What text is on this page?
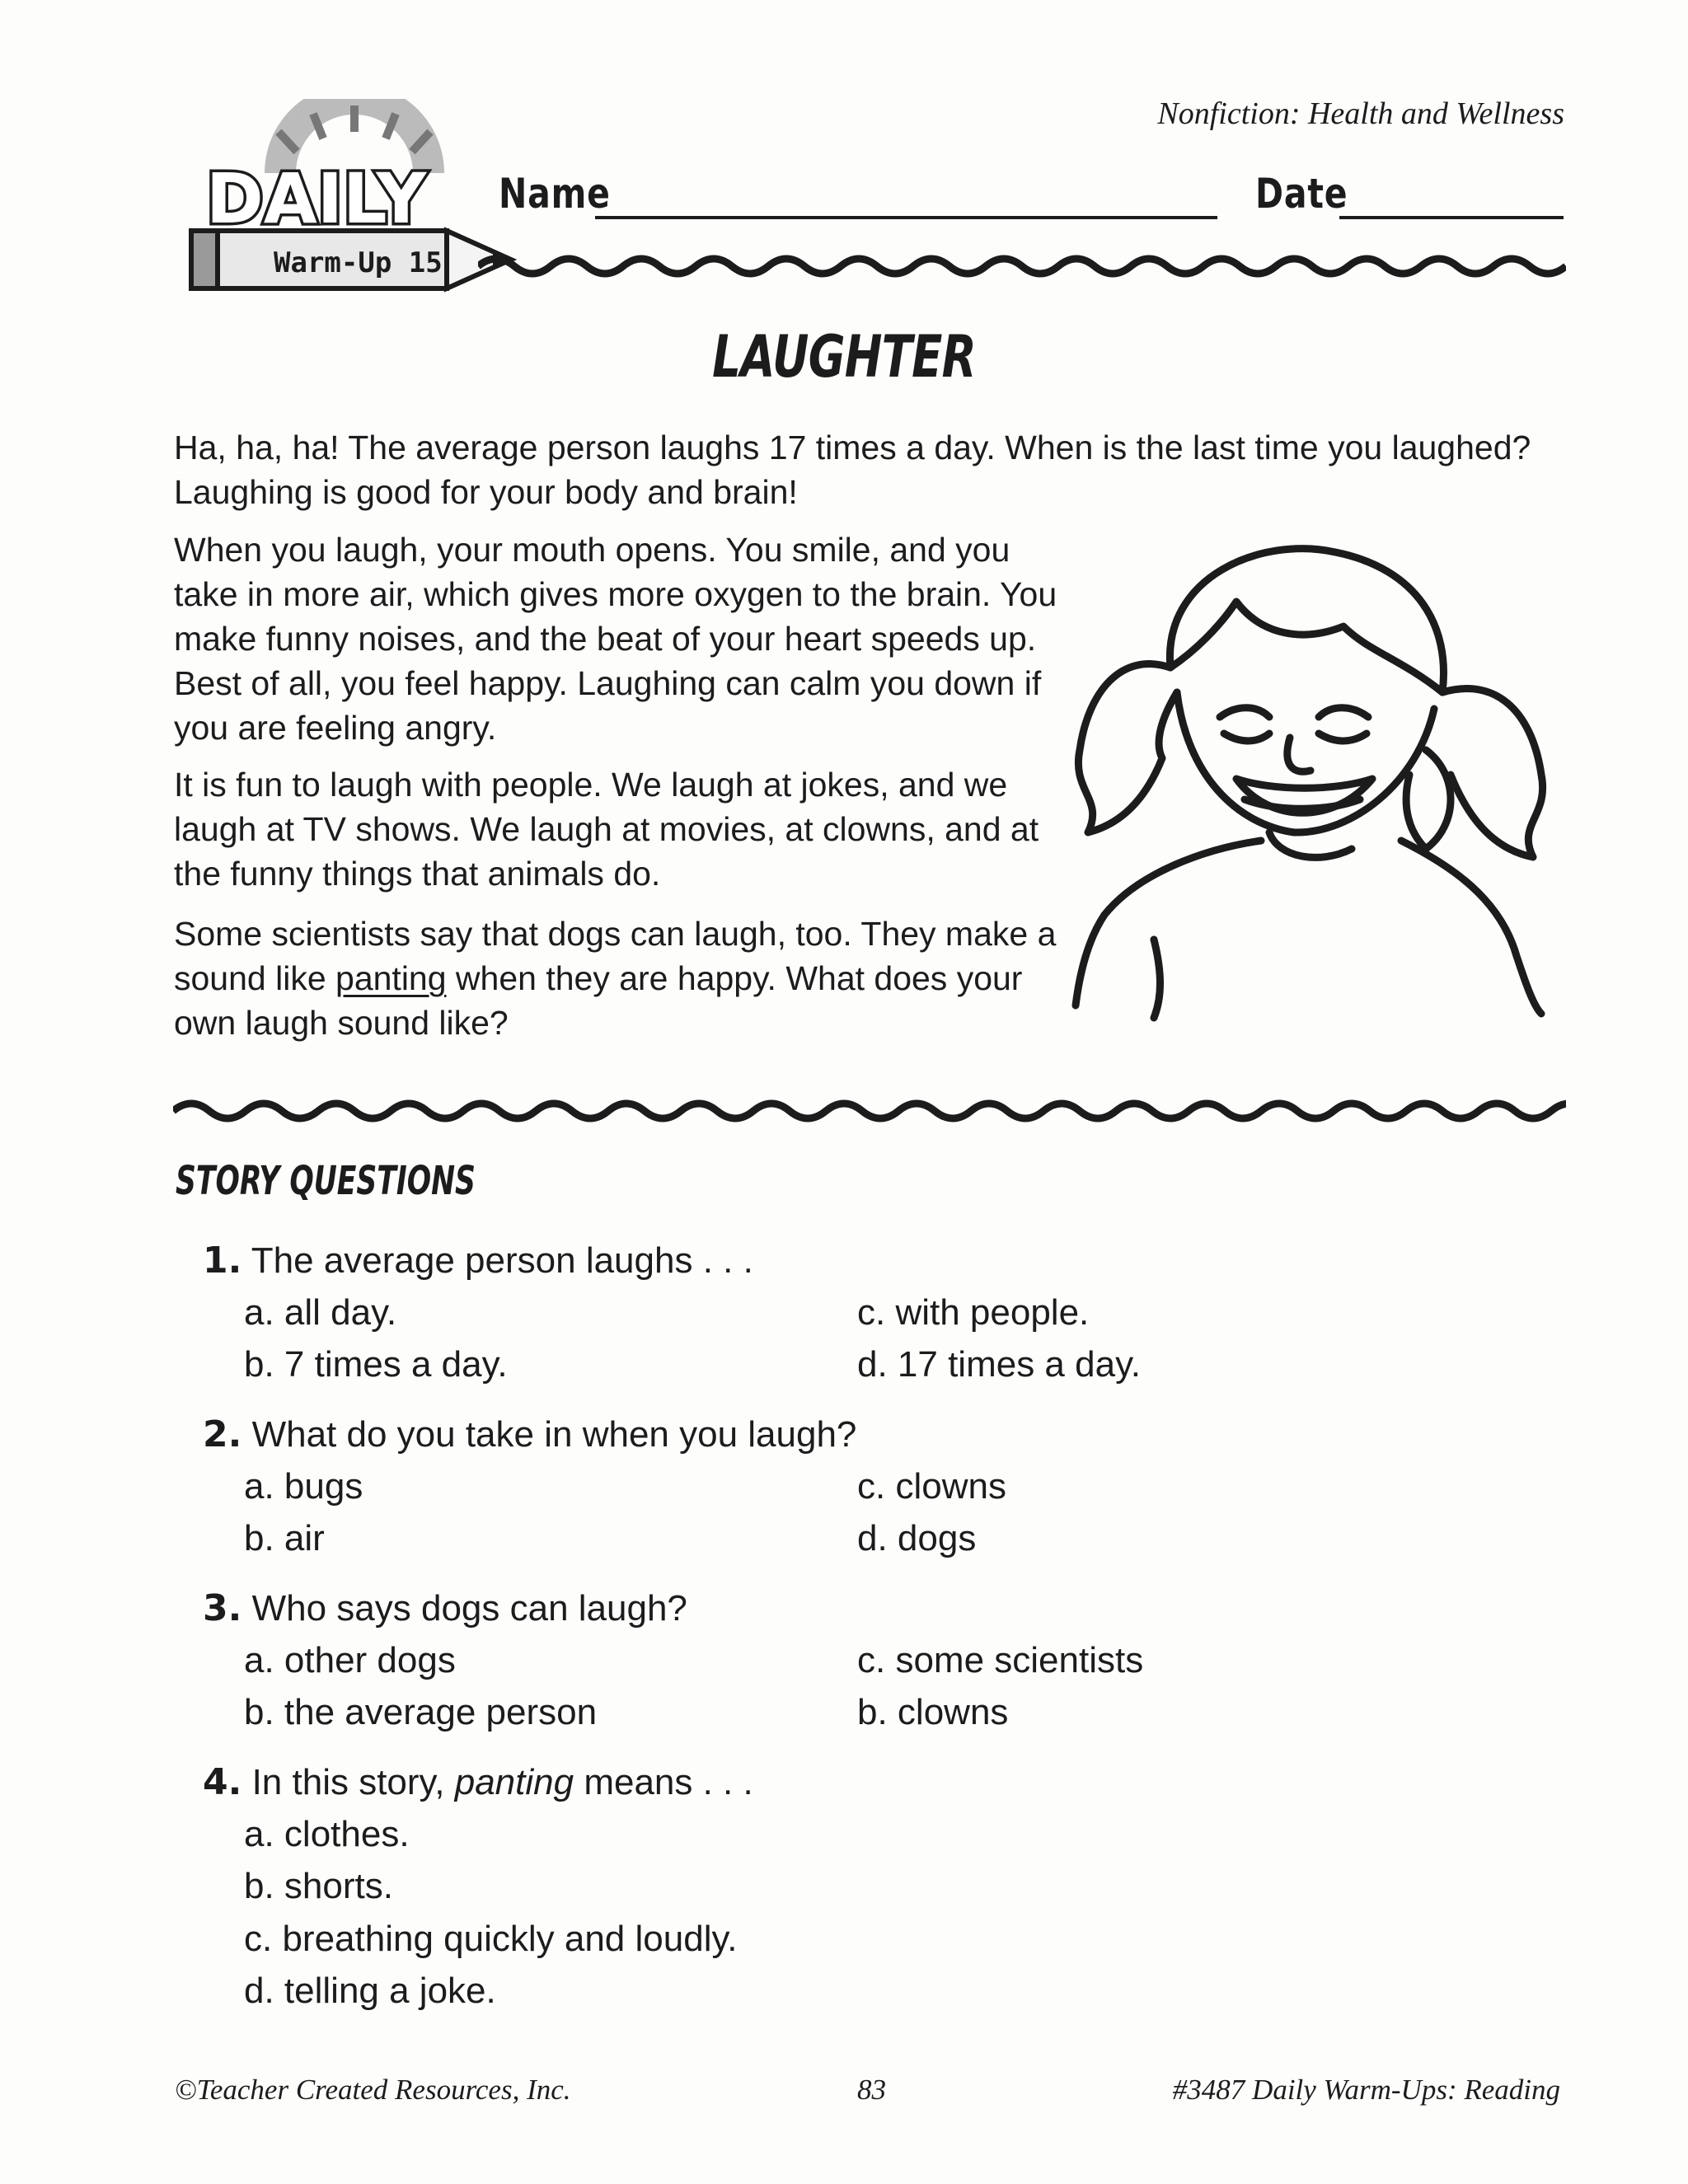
Nonfiction: Health and Wellness
DAILY
Warm-Up 15
Name	Date
LAUGHTER

Ha, ha, ha! The average person laughs 17 times a day. When is the last time you laughed? Laughing is good for your body and brain!

When you laugh, your mouth opens. You smile, and you take in more air, which gives more oxygen to the brain. You make funny noises, and the beat of your heart speeds up. Best of all, you feel happy. Laughing can calm you down if you are feeling angry.

It is fun to laugh with people. We laugh at jokes, and we laugh at TV shows. We laugh at movies, at clowns, and at the funny things that animals do.

Some scientists say that dogs can laugh, too. They make a sound like panting when they are happy. What does your own laugh sound like?

STORY QUESTIONS
1. The average person laughs . . .
a. all day.
b. 7 times a day.
c. with people.
d. 17 times a day.
2. What do you take in when you laugh?
a. bugs
b. air
c. clowns
d. dogs
3. Who says dogs can laugh?
a. other dogs
b. the average person
c. some scientists
b. clowns
4. In this story, panting means . . .
a. clothes.
b. shorts.
c. breathing quickly and loudly.
d. telling a joke.
©Teacher Created Resources, Inc.	83	#3487 Daily Warm-Ups: Reading
